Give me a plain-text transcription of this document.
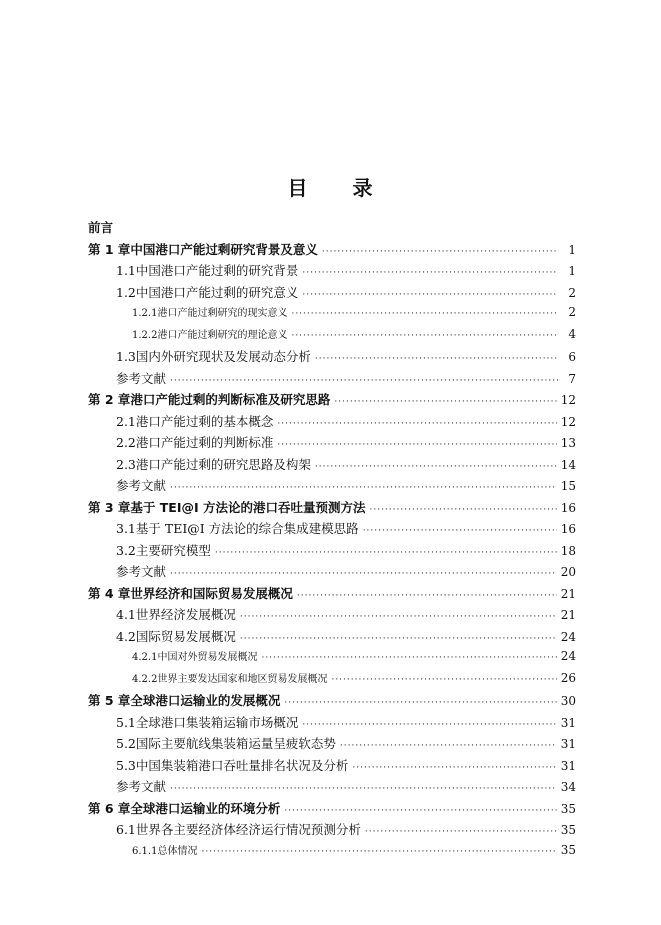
目 录
前言
第 1 章 中国港口产能过剩研究背景及意义 ·····	1
1.1 中国港口产能过剩的研究背景 ·····	1
1.2 中国港口产能过剩的研究意义 ·····	2
1.2.1 港口产能过剩研究的现实意义 ·····	2
1.2.2 港口产能过剩研究的理论意义 ·····	4
1.3 国内外研究现状及发展动态分析 ·····	6
参考文献 ·····	7
第 2 章 港口产能过剩的判断标准及研究思路 ·····	12
2.1 港口产能过剩的基本概念 ·····	12
2.2 港口产能过剩的判断标准 ·····	13
2.3 港口产能过剩的研究思路及构架 ·····	14
参考文献 ·····	15
第 3 章 基于 TEI@I 方法论的港口吞吐量预测方法 ·····	16
3.1 基于 TEI@I 方法论的综合集成建模思路 ·····	16
3.2 主要研究模型 ·····	18
参考文献 ·····	20
第 4 章 世界经济和国际贸易发展概况 ·····	21
4.1 世界经济发展概况 ·····	21
4.2 国际贸易发展概况 ·····	24
4.2.1 中国对外贸易发展概况 ·····	24
4.2.2 世界主要发达国家和地区贸易发展概况 ·····	26
第 5 章 全球港口运输业的发展概况 ·····	30
5.1 全球港口集装箱运输市场概况 ·····	31
5.2 国际主要航线集装箱运量呈疲软态势 ·····	31
5.3 中国集装箱港口吞吐量排名状况及分析 ·····	31
参考文献 ·····	34
第 6 章 全球港口运输业的环境分析 ·····	35
6.1 世界各主要经济体经济运行情况预测分析 ·····	35
6.1.1 总体情况 ·····	35
